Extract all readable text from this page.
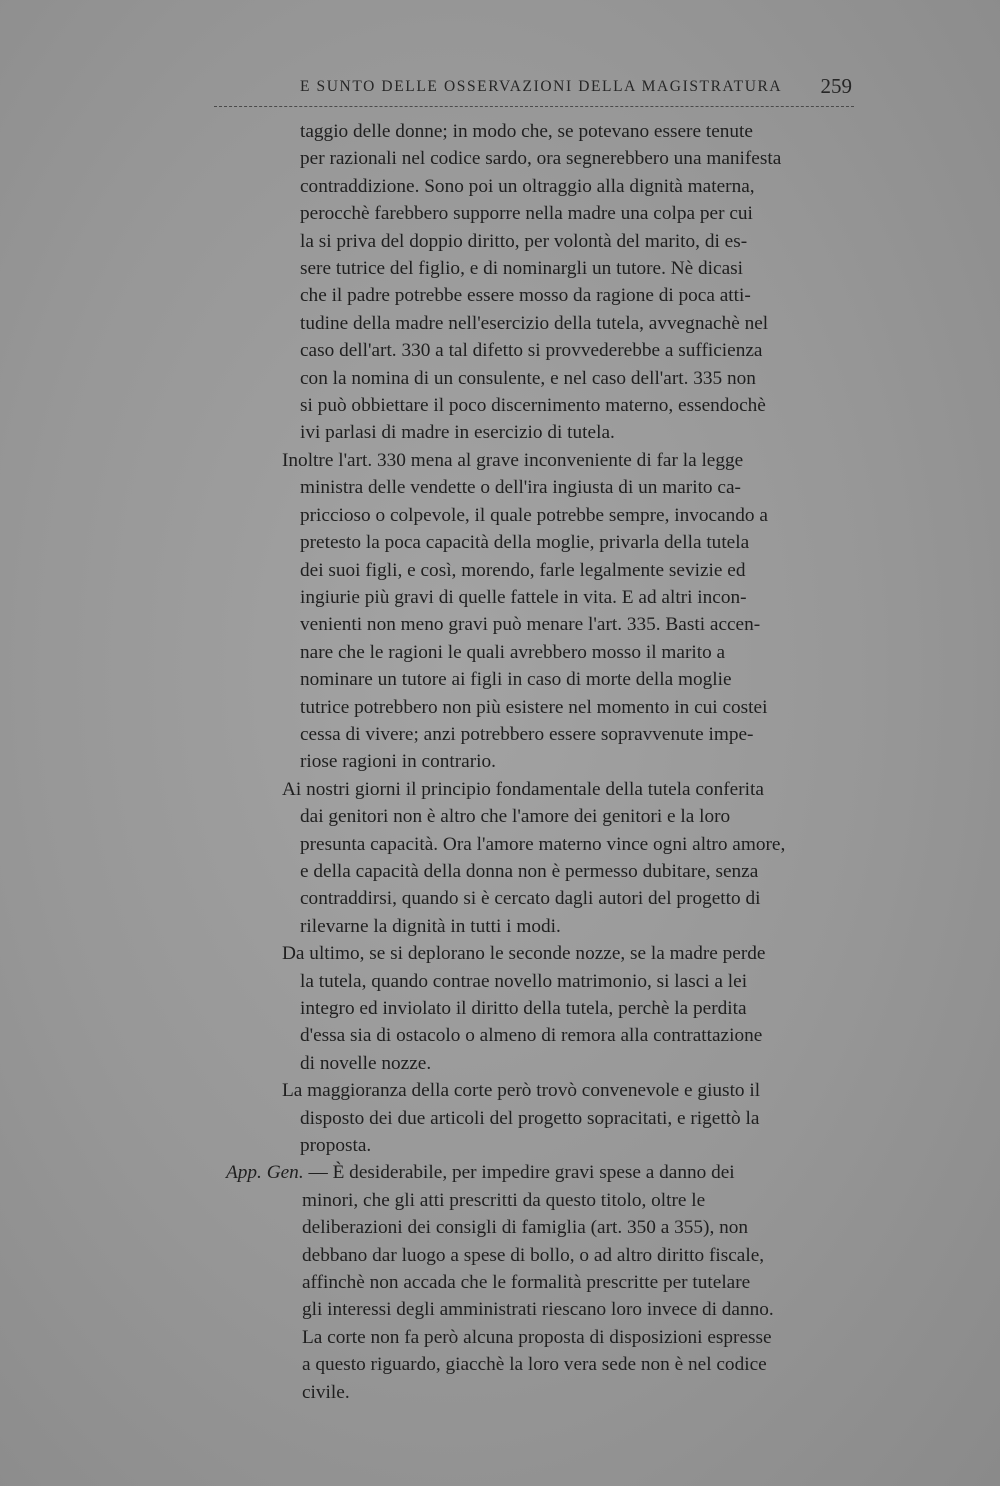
E SUNTO DELLE OSSERVAZIONI DELLA MAGISTRATURA 259
taggio delle donne; in modo che, se potevano essere tenute
per razionali nel codice sardo, ora segnerebbero una manifesta
contraddizione. Sono poi un oltraggio alla dignità materna,
perocchè farebbero supporre nella madre una colpa per cui
la si priva del doppio diritto, per volontà del marito, di es-
sere tutrice del figlio, e di nominargli un tutore. Nè dicasi
che il padre potrebbe essere mosso da ragione di poca atti-
tudine della madre nell'esercizio della tutela, avvegnachè nel
caso dell'art. 330 a tal difetto si provvederebbe a sufficienza
con la nomina di un consulente, e nel caso dell'art. 335 non
si può obbiettare il poco discernimento materno, essendochè
ivi parlasi di madre in esercizio di tutela.
Inoltre l'art. 330 mena al grave inconveniente di far la legge
ministra delle vendette o dell'ira ingiusta di un marito ca-
priccioso o colpevole, il quale potrebbe sempre, invocando a
pretesto la poca capacità della moglie, privarla della tutela
dei suoi figli, e così, morendo, farle legalmente sevizie ed
ingiurie più gravi di quelle fattele in vita. E ad altri incon-
venienti non meno gravi può menare l'art. 335. Basti accen-
nare che le ragioni le quali avrebbero mosso il marito a
nominare un tutore ai figli in caso di morte della moglie
tutrice potrebbero non più esistere nel momento in cui costei
cessa di vivere; anzi potrebbero essere sopravvenute impe-
riose ragioni in contrario.
Ai nostri giorni il principio fondamentale della tutela conferita
dai genitori non è altro che l'amore dei genitori e la loro
presunta capacità. Ora l'amore materno vince ogni altro amore,
e della capacità della donna non è permesso dubitare, senza
contraddirsi, quando si è cercato dagli autori del progetto di
rilevarne la dignità in tutti i modi.
Da ultimo, se si deplorano le seconde nozze, se la madre perde
la tutela, quando contrae novello matrimonio, si lasci a lei
integro ed inviolato il diritto della tutela, perchè la perdita
d'essa sia di ostacolo o almeno di remora alla contrattazione
di novelle nozze.
La maggioranza della corte però trovò convenevole e giusto il
disposto dei due articoli del progetto sopracitati, e rigettò la
proposta.
App. Gen. — È desiderabile, per impedire gravi spese a danno dei
minori, che gli atti prescritti da questo titolo, oltre le
deliberazioni dei consigli di famiglia (art. 350 a 355), non
debbano dar luogo a spese di bollo, o ad altro diritto fiscale,
affinchè non accada che le formalità prescritte per tutelare
gli interessi degli amministrati riescano loro invece di danno.
La corte non fa però alcuna proposta di disposizioni espresse
a questo riguardo, giacchè la loro vera sede non è nel codice
civile.
